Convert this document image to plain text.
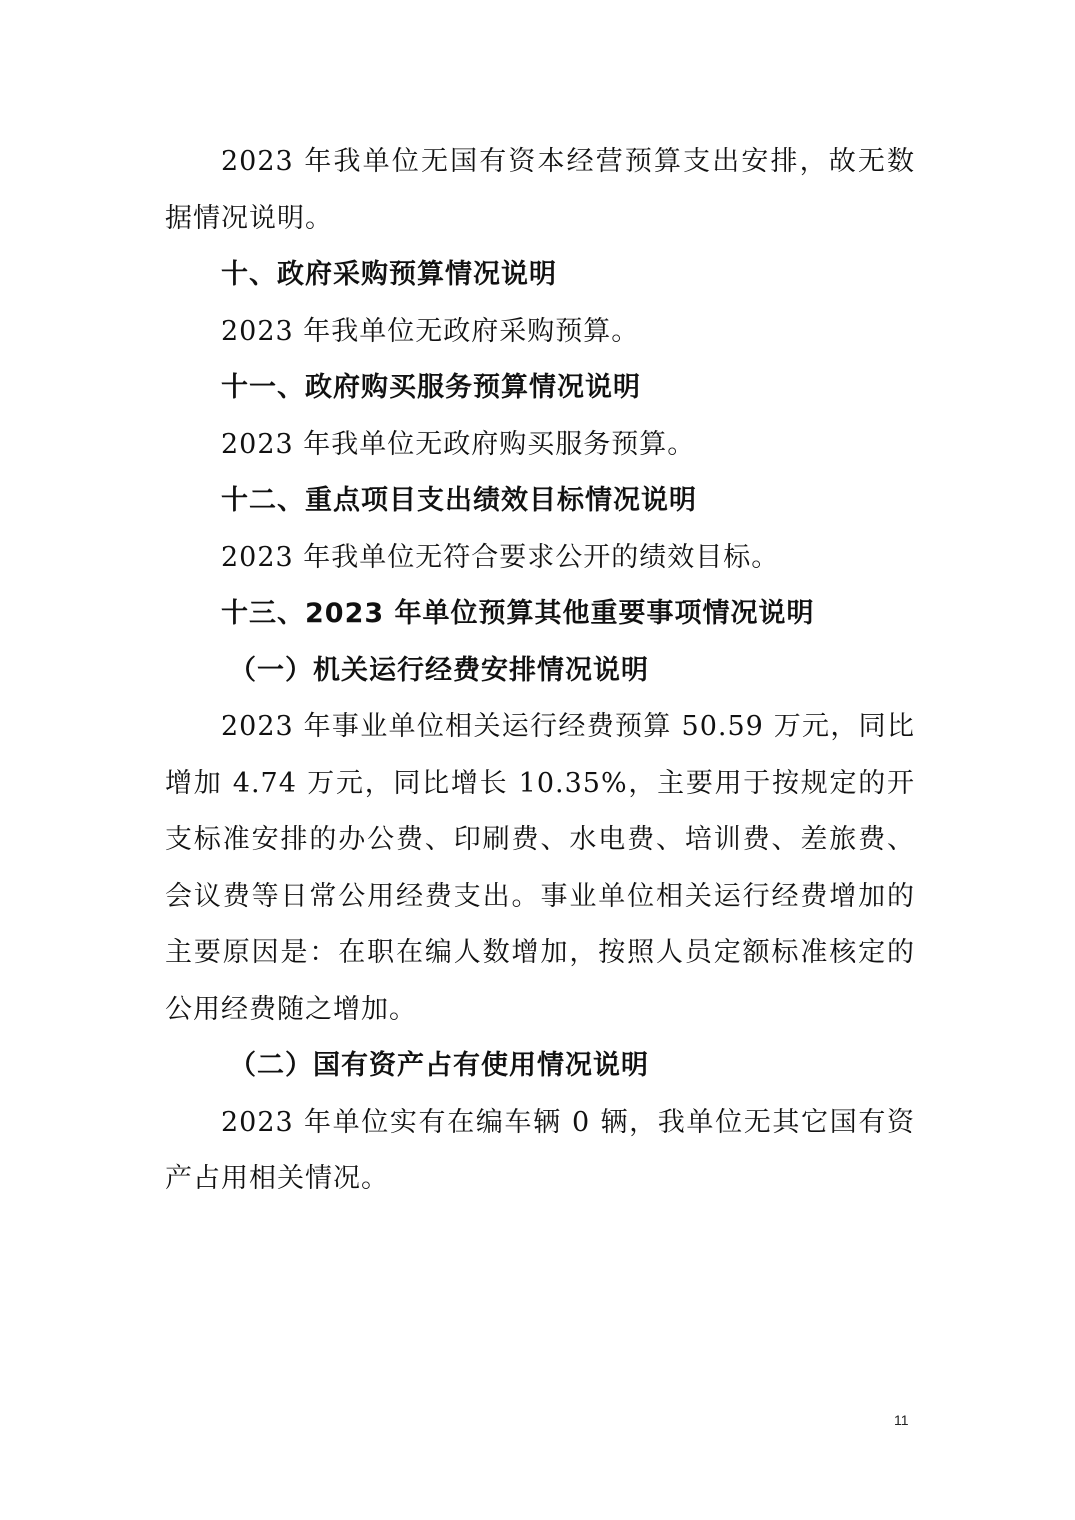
2023 年我单位无国有资本经营预算支出安排，故无数据情况说明。

十、政府采购预算情况说明

2023 年我单位无政府采购预算。

十一、政府购买服务预算情况说明

2023 年我单位无政府购买服务预算。

十二、重点项目支出绩效目标情况说明

2023 年我单位无符合要求公开的绩效目标。

十三、2023 年单位预算其他重要事项情况说明

（一）机关运行经费安排情况说明

2023 年事业单位相关运行经费预算 50.59 万元，同比增加 4.74 万元，同比增长 10.35%，主要用于按规定的开支标准安排的办公费、印刷费、水电费、培训费、差旅费、会议费等日常公用经费支出。事业单位相关运行经费增加的主要原因是：在职在编人数增加，按照人员定额标准核定的公用经费随之增加。

（二）国有资产占有使用情况说明

2023 年单位实有在编车辆 0 辆，我单位无其它国有资产占用相关情况。

11
